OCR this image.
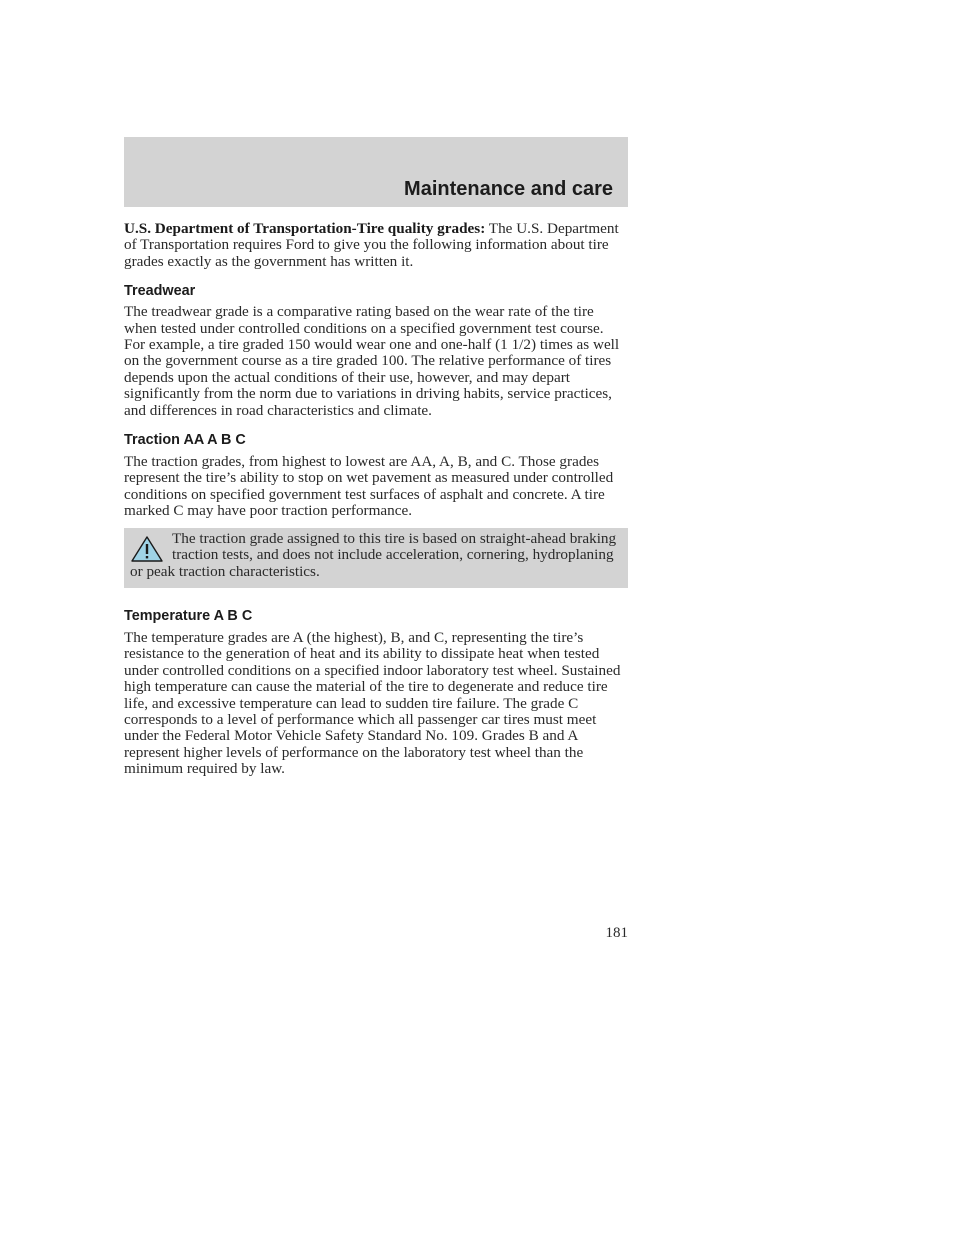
Maintenance and care

U.S. Department of Transportation-Tire quality grades: The U.S. Department of Transportation requires Ford to give you the following information about tire grades exactly as the government has written it.

Treadwear

The treadwear grade is a comparative rating based on the wear rate of the tire when tested under controlled conditions on a specified government test course. For example, a tire graded 150 would wear one and one-half (1 1/2) times as well on the government course as a tire graded 100. The relative performance of tires depends upon the actual conditions of their use, however, and may depart significantly from the norm due to variations in driving habits, service practices, and differences in road characteristics and climate.

Traction AA A B C

The traction grades, from highest to lowest are AA, A, B, and C. Those grades represent the tire’s ability to stop on wet pavement as measured under controlled conditions on specified government test surfaces of asphalt and concrete. A tire marked C may have poor traction performance.

The traction grade assigned to this tire is based on straight-ahead braking traction tests, and does not include acceleration, cornering, hydroplaning or peak traction characteristics.

Temperature A B C

The temperature grades are A (the highest), B, and C, representing the tire’s resistance to the generation of heat and its ability to dissipate heat when tested under controlled conditions on a specified indoor laboratory test wheel. Sustained high temperature can cause the material of the tire to degenerate and reduce tire life, and excessive temperature can lead to sudden tire failure. The grade C corresponds to a level of performance which all passenger car tires must meet under the Federal Motor Vehicle Safety Standard No. 109. Grades B and A represent higher levels of performance on the laboratory test wheel than the minimum required by law.

181
